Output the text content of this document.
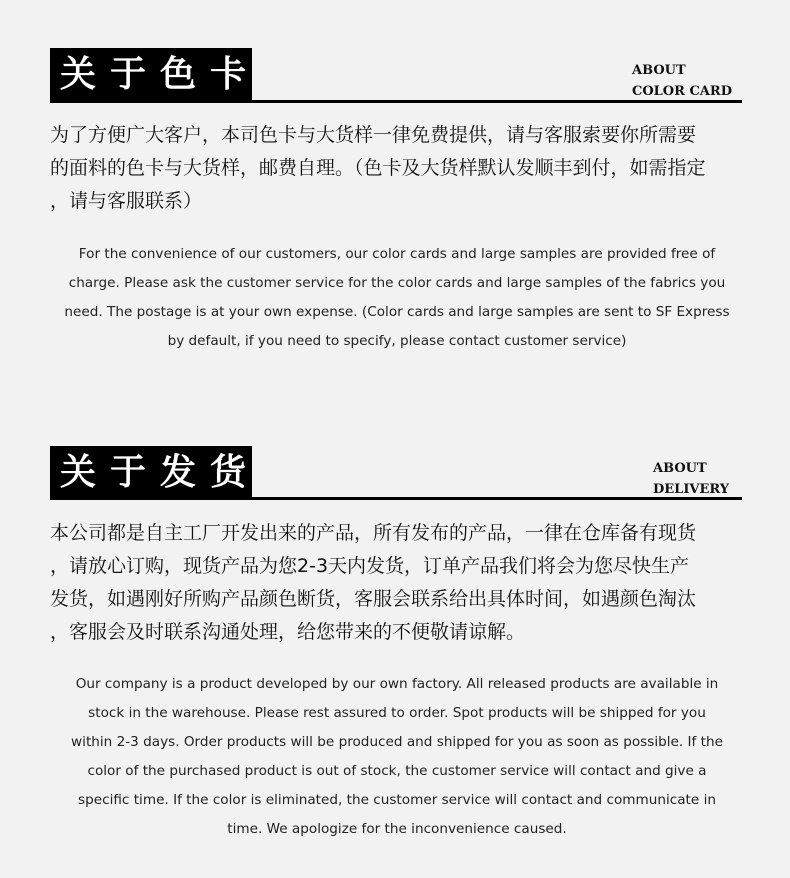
关于色卡	ABOUT
COLOR CARD
为了方便广大客户，本司色卡与大货样一律免费提供，请与客服索要你所需要
的面料的色卡与大货样，邮费自理。（色卡及大货样默认发顺丰到付，如需指定
，请与客服联系）
For the convenience of our customers, our color cards and large samples are provided free of
charge. Please ask the customer service for the color cards and large samples of the fabrics you
need. The postage is at your own expense. (Color cards and large samples are sent to SF Express
by default, if you need to specify, please contact customer service)
关于发货	ABOUT
DELIVERY
本公司都是自主工厂开发出来的产品，所有发布的产品，一律在仓库备有现货
，请放心订购，现货产品为您2-3天内发货，订单产品我们将会为您尽快生产
发货，如遇刚好所购产品颜色断货，客服会联系给出具体时间，如遇颜色淘汰
，客服会及时联系沟通处理，给您带来的不便敬请谅解。
Our company is a product developed by our own factory. All released products are available in
stock in the warehouse. Please rest assured to order. Spot products will be shipped for you
within 2-3 days. Order products will be produced and shipped for you as soon as possible. If the
color of the purchased product is out of stock, the customer service will contact and give a
specific time. If the color is eliminated, the customer service will contact and communicate in
time. We apologize for the inconvenience caused.
